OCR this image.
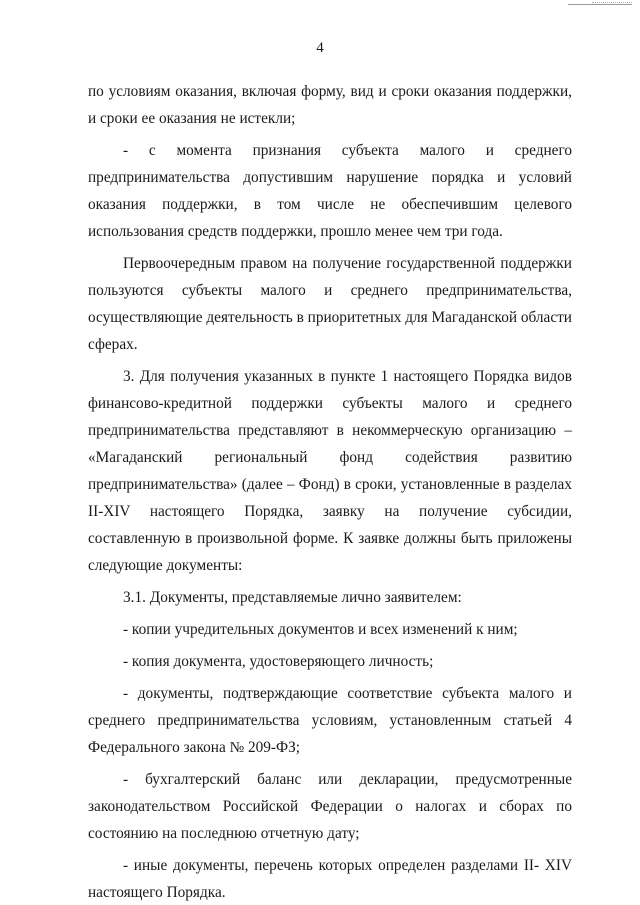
4

по условиям оказания, включая форму, вид и сроки оказания поддержки, и сроки ее оказания не истекли;

- с момента признания субъекта малого и среднего предпринимательства допустившим нарушение порядка и условий оказания поддержки, в том числе не обеспечившим целевого использования средств поддержки, прошло менее чем три года.

Первоочередным правом на получение государственной поддержки пользуются субъекты малого и среднего предпринимательства, осуществляющие деятельность в приоритетных для Магаданской области сферах.

3. Для получения указанных в пункте 1 настоящего Порядка видов финансово-кредитной поддержки субъекты малого и среднего предпринимательства представляют в некоммерческую организацию – «Магаданский региональный фонд содействия развитию предпринимательства» (далее – Фонд) в сроки, установленные в разделах II-XIV настоящего Порядка, заявку на получение субсидии, составленную в произвольной форме. К заявке должны быть приложены следующие документы:

3.1. Документы, представляемые лично заявителем:

- копии учредительных документов и всех изменений к ним;

- копия документа, удостоверяющего личность;

- документы, подтверждающие соответствие субъекта малого и среднего предпринимательства условиям, установленным статьей 4 Федерального закона № 209-ФЗ;

- бухгалтерский баланс или декларации, предусмотренные законодательством Российской Федерации о налогах и сборах по состоянию на последнюю отчетную дату;

- иные документы, перечень которых определен разделами II- XIV настоящего Порядка.
